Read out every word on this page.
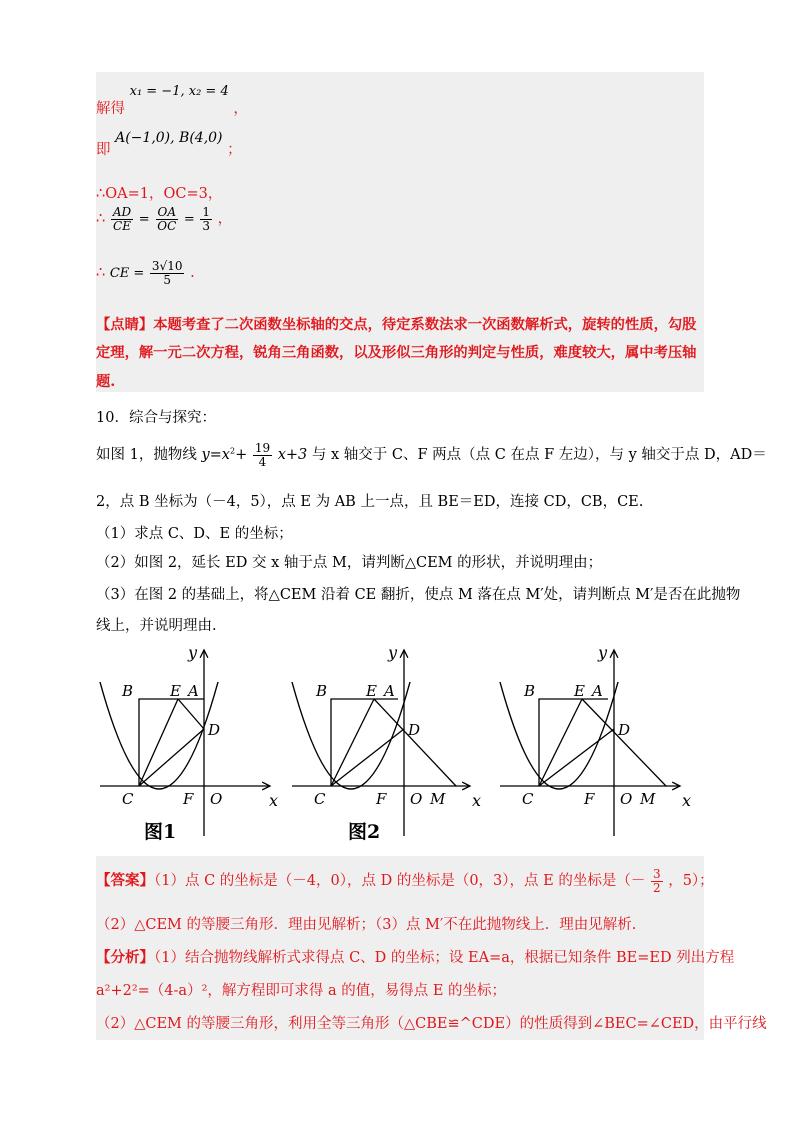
解得 x₁ = −1, x₂ = 4 ，
即 A(−1,0), B(4,0) ；
∴OA=1，OC=3，
∴ $\frac{AD}{CE} = \frac{OA}{OC} = \frac{1}{3}$ ，
∴ CE = $\frac{3√10}{5}$ .
【点睛】本题考查了二次函数坐标轴的交点，待定系数法求一次函数解析式，旋转的性质，勾股
定理，解一元二次方程，锐角三角函数，以及形似三角形的判定与性质，难度较大，属中考压轴
题.
10．综合与探究：
如图 1，抛物线 $y=x^2+ \frac{19}{4} x+3$ 与 x 轴交于 C、F 两点（点 C 在点 F 左边），与 y 轴交于点 D，AD＝
2，点 B 坐标为（－4，5），点 E 为 AB 上一点，且 BE＝ED，连接 CD，CB，CE.
（1）求点 C、D、E 的坐标；
（2）如图 2，延长 ED 交 x 轴于点 M，请判断△CEM 的形状，并说明理由；
（3）在图 2 的基础上，将△CEM 沿着 CE 翻折，使点 M 落在点 M′处，请判断点 M′是否在此抛物
线上，并说明理由.
y
B E A
D
C	F O	x
图1
y
B	E A
D
C	F O M x
图2
y
B	E A
D
C	F O M x
【答案】（1）点 C 的坐标是（－4，0），点 D 的坐标是（0，3），点 E 的坐标是（－ $\frac{3}{2}$ ，5）；
（2）△CEM 的等腰三角形．理由见解析；（3）点 M′不在此抛物线上．理由见解析.
【分析】（1）结合抛物线解析式求得点 C、D 的坐标；设 EA=a，根据已知条件 BE=ED 列出方程
a²+2²=（4-a）²，解方程即可求得 a 的值，易得点 E 的坐标；
（2）△CEM 的等腰三角形，利用全等三角形（△CBE≌^CDE）的性质得到∠BEC=∠CED，由平行线
